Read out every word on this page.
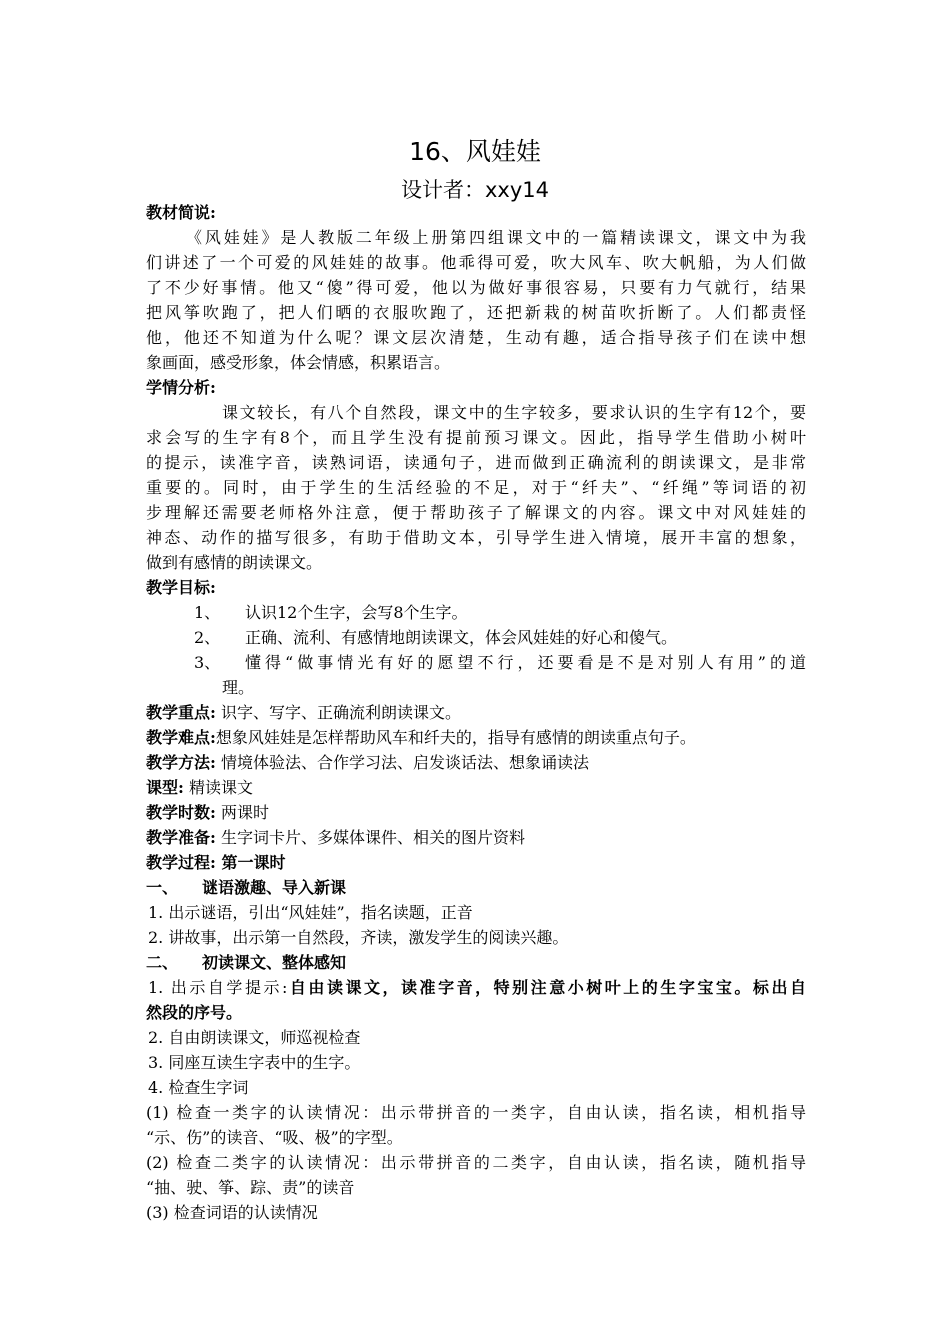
16、风娃娃
设计者：xxy14
教材简说:
《风娃娃》是人教版二年级上册第四组课文中的一篇精读课文，课文中为我
们讲述了一个可爱的风娃娃的故事。他乖得可爱，吹大风车、吹大帆船，为人们做
了不少好事情。他又“傻”得可爱，他以为做好事很容易，只要有力气就行，结果
把风筝吹跑了，把人们晒的衣服吹跑了，还把新栽的树苗吹折断了。人们都责怪
他，他还不知道为什么呢？课文层次清楚，生动有趣，适合指导孩子们在读中想
象画面，感受形象，体会情感，积累语言。
学情分析:
课文较长，有八个自然段，课文中的生字较多，要求认识的生字有12个，要
求会写的生字有8个，而且学生没有提前预习课文。因此，指导学生借助小树叶
的提示，读准字音，读熟词语，读通句子，进而做到正确流利的朗读课文，是非常
重要的。同时，由于学生的生活经验的不足，对于“纤夫”、“纤绳”等词语的初
步理解还需要老师格外注意，便于帮助孩子了解课文的内容。课文中对风娃娃的
神态、动作的描写很多，有助于借助文本，引导学生进入情境，展开丰富的想象，
做到有感情的朗读课文。
教学目标:
1、 认识12个生字，会写8个生字。
2、 正确、流利、有感情地朗读课文，体会风娃娃的好心和傻气。
3、 懂得“做事情光有好的愿望不行，还要看是不是对别人有用”的道
理。
教学重点: 识字、写字、正确流利朗读课文。
教学难点:想象风娃娃是怎样帮助风车和纤夫的，指导有感情的朗读重点句子。
教学方法: 情境体验法、合作学习法、启发谈话法、想象诵读法
课型: 精读课文
教学时数: 两课时
教学准备: 生字词卡片、多媒体课件、相关的图片资料
教学过程: 第一课时
一、 谜语激趣、导入新课
1. 出示谜语，引出“风娃娃”，指名读题，正音
2. 讲故事，出示第一自然段，齐读，激发学生的阅读兴趣。
二、 初读课文、整体感知
1. 出示自学提示:自由读课文，读准字音，特别注意小树叶上的生字宝宝。标出自
然段的序号。
2. 自由朗读课文，师巡视检查
3. 同座互读生字表中的生字。
4. 检查生字词
(1) 检查一类字的认读情况：出示带拼音的一类字，自由认读，指名读，相机指导
“示、伤”的读音、“吸、极”的字型。
(2) 检查二类字的认读情况：出示带拼音的二类字，自由认读，指名读，随机指导
“抽、驶、筝、踪、责”的读音
(3) 检查词语的认读情况
